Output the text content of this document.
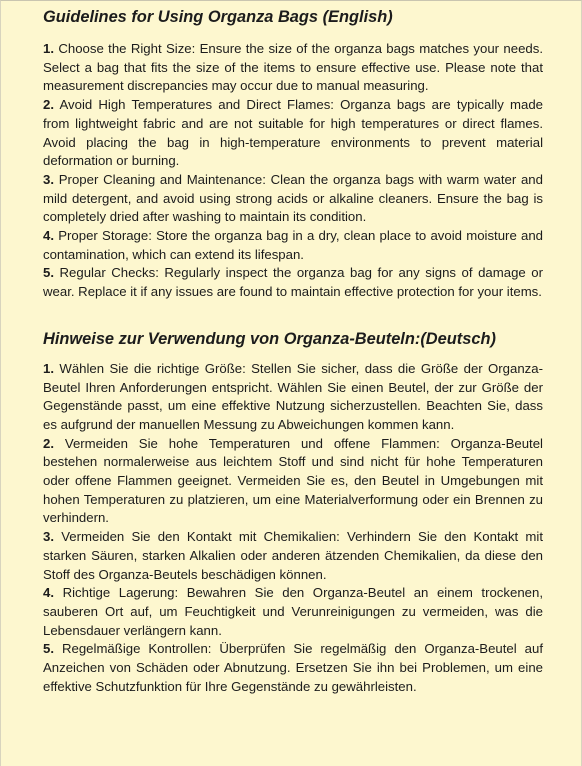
Guidelines for Using Organza Bags (English)

1. Choose the Right Size: Ensure the size of the organza bags matches your needs. Select a bag that fits the size of the items to ensure effective use. Please note that measurement discrepancies may occur due to manual measuring.

2. Avoid High Temperatures and Direct Flames: Organza bags are typically made from lightweight fabric and are not suitable for high temperatures or direct flames. Avoid placing the bag in high-temperature environments to prevent material deformation or burning.

3. Proper Cleaning and Maintenance: Clean the organza bags with warm water and mild detergent, and avoid using strong acids or alkaline cleaners. Ensure the bag is completely dried after washing to maintain its condition.

4. Proper Storage: Store the organza bag in a dry, clean place to avoid moisture and contamination, which can extend its lifespan.

5. Regular Checks: Regularly inspect the organza bag for any signs of damage or wear. Replace it if any issues are found to maintain effective protection for your items.

Hinweise zur Verwendung von Organza-Beuteln:(Deutsch)

1. Wählen Sie die richtige Größe: Stellen Sie sicher, dass die Größe der Organza-Beutel Ihren Anforderungen entspricht. Wählen Sie einen Beutel, der zur Größe der Gegenstände passt, um eine effektive Nutzung sicherzustellen. Beachten Sie, dass es aufgrund der manuellen Messung zu Abweichungen kommen kann.

2. Vermeiden Sie hohe Temperaturen und offene Flammen: Organza-Beutel bestehen normalerweise aus leichtem Stoff und sind nicht für hohe Temperaturen oder offene Flammen geeignet. Vermeiden Sie es, den Beutel in Umgebungen mit hohen Temperaturen zu platzieren, um eine Materialverformung oder ein Brennen zu verhindern.

3. Vermeiden Sie den Kontakt mit Chemikalien: Verhindern Sie den Kontakt mit starken Säuren, starken Alkalien oder anderen ätzenden Chemikalien, da diese den Stoff des Organza-Beutels beschädigen können.

4. Richtige Lagerung: Bewahren Sie den Organza-Beutel an einem trockenen, sauberen Ort auf, um Feuchtigkeit und Verunreinigungen zu vermeiden, was die Lebensdauer verlängern kann.

5. Regelmäßige Kontrollen: Überprüfen Sie regelmäßig den Organza-Beutel auf Anzeichen von Schäden oder Abnutzung. Ersetzen Sie ihn bei Problemen, um eine effektive Schutzfunktion für Ihre Gegenstände zu gewährleisten.
